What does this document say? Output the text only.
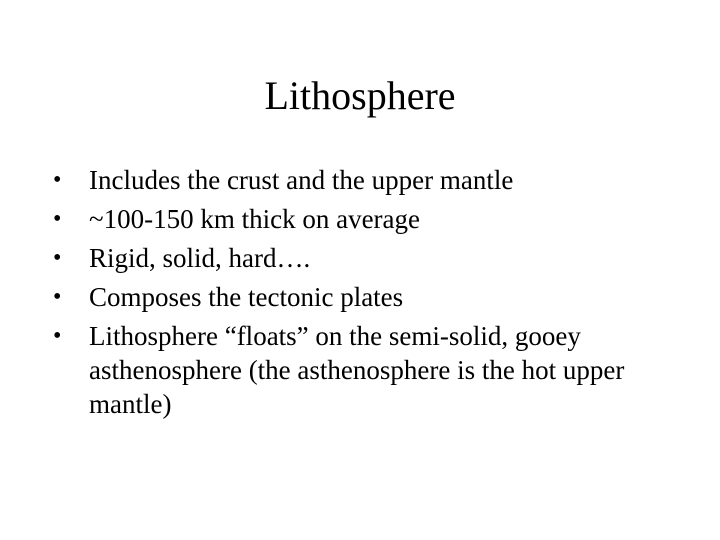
Lithosphere
• Includes the crust and the upper mantle
• ~100-150 km thick on average
• Rigid, solid, hard….
• Composes the tectonic plates
• Lithosphere “floats” on the semi-solid, gooey asthenosphere (the asthenosphere is the hot upper mantle)
